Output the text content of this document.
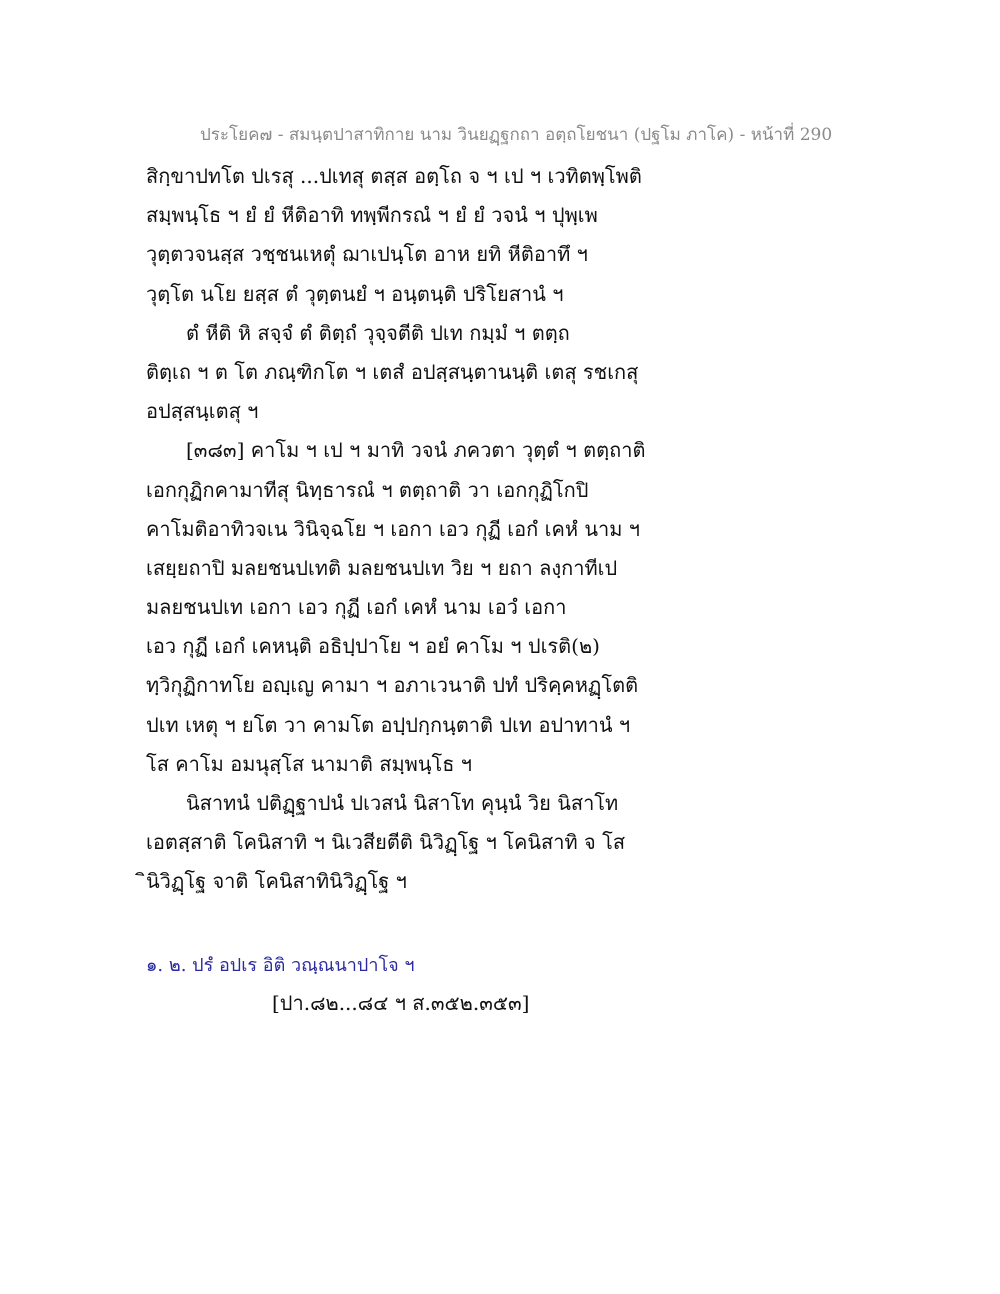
ประโยค๗ - สมนฺตปาสาทิกาย นาม วินยฏฺฐกถา อตฺถโยชนา (ปฐโม ภาโค) - หน้าที่ 290
สิกฺขาปทโต ปเรสุ ...ปเทสุ ตสฺส อตฺโถ จ ฯ เป ฯ เวทิตพฺโพติ
สมฺพนฺโธ ฯ ยํ ยํ หีติอาทิ ทพฺพีกรณํ ฯ ยํ ยํ วจนํ ฯ ปุพฺเพ
วุตฺตวจนสฺส วชฺชนเหตุํ ฌาเปนฺโต อาห ยทิ หีติอาทึ ฯ
วุตฺโต นโย ยสฺส ตํ วุตฺตนยํ ฯ อนฺตนฺติ ปริโยสานํ ฯ
ตํ หีติ หิ สจฺจํ ตํ ติตฺถํ วุจฺจตีติ ปเท กมฺมํ ฯ ตตฺถ
ติตฺเถ ฯ ต โต ภณฺฑิกโต ฯ เตสํ อปสฺสนฺตานนฺติ เตสุ รชเกสุ
อปสฺสนฺเตสุ ฯ
[๓๘๓] คาโม ฯ เป ฯ มาทิ วจนํ ภควตา วุตฺตํ ฯ ตตฺถาติ
เอกกุฏิกคามาทีสุ นิทฺธารณํ ฯ ตตฺถาติ วา เอกกุฏิโกปิ
คาโมติอาทิวจเน วินิจฺฉโย ฯ เอกา เอว กุฏี เอกํ เคหํ นาม ฯ
เสยฺยถาปิ มลยชนปเทติ มลยชนปเท วิย ฯ ยถา ลงฺกาทีเป
มลยชนปเท เอกา เอว กุฏี เอกํ เคหํ นาม เอวํ เอกา
เอว กุฏี เอกํ เคหนฺติ อธิปฺปาโย ฯ อยํ คาโม ฯ ปเรติ(๒)
ทฺวิกุฏิกาทโย อญฺเญ คามา ฯ อภาเวนาติ ปทํ ปริคฺคหฏฺโตติ
ปเท เหตุ ฯ ยโต วา คามโต อปฺปกฺกนฺตาติ ปเท อปาทานํ ฯ
โส คาโม อมนุสฺโส นามาติ สมฺพนฺโธ ฯ
นิสาทนํ ปติฏฺฐาปนํ ปเวสนํ นิสาโท คุนฺนํ วิย นิสาโท
เอตสฺสาติ โคนิสาทิ ฯ นิเวสียตีติ นิวิฏฺโฐ ฯ โคนิสาทิ จ โส
ินิวิฏฺโฐ จาติ โคนิสาทินิวิฏฺโฐ ฯ
๑. ๒. ปรํ อปเร อิติ วณฺณนาปาโจ ฯ
[ปา.๘๒...๘๔ ฯ ส.๓๕๒.๓๕๓]
